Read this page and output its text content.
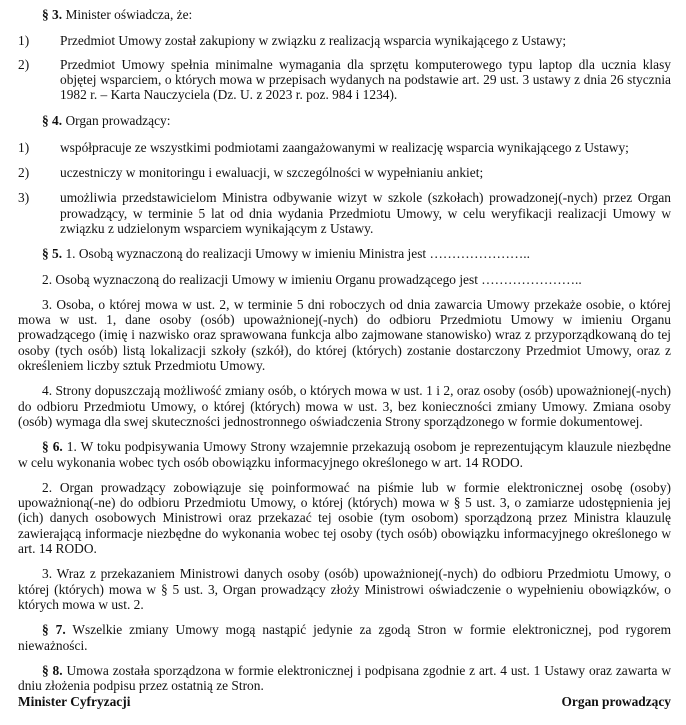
§ 3. Minister oświadcza, że:

1)	Przedmiot Umowy został zakupiony w związku z realizacją wsparcia wynikającego z Ustawy;
2)	Przedmiot Umowy spełnia minimalne wymagania dla sprzętu komputerowego typu laptop dla ucznia klasy objętej wsparciem, o których mowa w przepisach wydanych na podstawie art. 29 ust. 3 ustawy z dnia 26 stycznia 1982 r. – Karta Nauczyciela (Dz. U. z 2023 r. poz. 984 i 1234).

§ 4. Organ prowadzący:

1)	współpracuje ze wszystkimi podmiotami zaangażowanymi w realizację wsparcia wynikającego z Ustawy;
2)	uczestniczy w monitoringu i ewaluacji, w szczególności w wypełnianiu ankiet;
3)	umożliwia przedstawicielom Ministra odbywanie wizyt w szkole (szkołach) prowadzonej(-nych) przez Organ prowadzący, w terminie 5 lat od dnia wydania Przedmiotu Umowy, w celu weryfikacji realizacji Umowy w związku z udzielonym wsparciem wynikającym z Ustawy.

§ 5. 1. Osobą wyznaczoną do realizacji Umowy w imieniu Ministra jest …………………..

2. Osobą wyznaczoną do realizacji Umowy w imieniu Organu prowadzącego jest …………………..

3. Osoba, o której mowa w ust. 2, w terminie 5 dni roboczych od dnia zawarcia Umowy przekaże osobie, o której mowa w ust. 1, dane osoby (osób) upoważnionej(-nych) do odbioru Przedmiotu Umowy w imieniu Organu prowadzącego (imię i nazwisko oraz sprawowana funkcja albo zajmowane stanowisko) wraz z przyporządkowaną do tej osoby (tych osób) listą lokalizacji szkoły (szkół), do której (których) zostanie dostarczony Przedmiot Umowy, oraz z określeniem liczby sztuk Przedmiotu Umowy.

4. Strony dopuszczają możliwość zmiany osób, o których mowa w ust. 1 i 2, oraz osoby (osób) upoważnionej(-nych) do odbioru Przedmiotu Umowy, o której (których) mowa w ust. 3, bez konieczności zmiany Umowy. Zmiana osoby (osób) wymaga dla swej skuteczności jednostronnego oświadczenia Strony sporządzonego w formie dokumentowej.

§ 6. 1. W toku podpisywania Umowy Strony wzajemnie przekazują osobom je reprezentującym klauzule niezbędne w celu wykonania wobec tych osób obowiązku informacyjnego określonego w art. 14 RODO.

2. Organ prowadzący zobowiązuje się poinformować na piśmie lub w formie elektronicznej osobę (osoby) upoważnioną(-ne) do odbioru Przedmiotu Umowy, o której (których) mowa w § 5 ust. 3, o zamiarze udostępnienia jej (ich) danych osobowych Ministrowi oraz przekazać tej osobie (tym osobom) sporządzoną przez Ministra klauzulę zawierającą informacje niezbędne do wykonania wobec tej osoby (tych osób) obowiązku informacyjnego określonego w art. 14 RODO.

3. Wraz z przekazaniem Ministrowi danych osoby (osób) upoważnionej(-nych) do odbioru Przedmiotu Umowy, o której (których) mowa w § 5 ust. 3, Organ prowadzący złoży Ministrowi oświadczenie o wypełnieniu obowiązków, o których mowa w ust. 2.

§ 7. Wszelkie zmiany Umowy mogą nastąpić jedynie za zgodą Stron w formie elektronicznej, pod rygorem nieważności.

§ 8. Umowa została sporządzona w formie elektronicznej i podpisana zgodnie z art. 4 ust. 1 Ustawy oraz zawarta w dniu złożenia podpisu przez ostatnią ze Stron.

Minister Cyfryzacji	Organ prowadzący
